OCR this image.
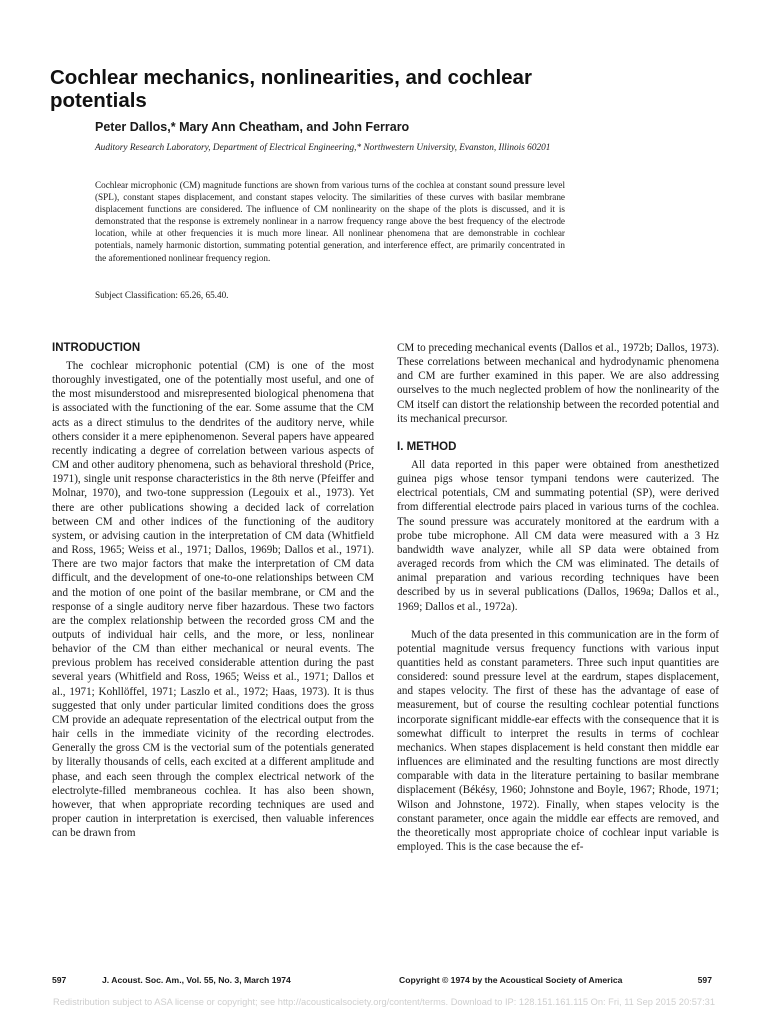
Cochlear mechanics, nonlinearities, and cochlear potentials

Peter Dallos,* Mary Ann Cheatham, and John Ferraro

Auditory Research Laboratory, Department of Electrical Engineering,* Northwestern University, Evanston, Illinois 60201

Cochlear microphonic (CM) magnitude functions are shown from various turns of the cochlea at constant sound pressure level (SPL), constant stapes displacement, and constant stapes velocity. The similarities of these curves with basilar membrane displacement functions are considered. The influence of CM nonlinearity on the shape of the plots is discussed, and it is demonstrated that the response is extremely nonlinear in a narrow frequency range above the best frequency of the electrode location, while at other frequencies it is much more linear. All nonlinear phenomena that are demonstrable in cochlear potentials, namely harmonic distortion, summating potential generation, and interference effect, are primarily concentrated in the aforementioned nonlinear frequency region.

Subject Classification: 65.26, 65.40.

INTRODUCTION

The cochlear microphonic potential (CM) is one of the most thoroughly investigated, one of the potentially most useful, and one of the most misunderstood and misrepresented biological phenomena that is associated with the functioning of the ear. Some assume that the CM acts as a direct stimulus to the dendrites of the auditory nerve, while others consider it a mere epiphenomenon. Several papers have appeared recently indicating a degree of correlation between various aspects of CM and other auditory phenomena, such as behavioral threshold (Price, 1971), single unit response characteristics in the 8th nerve (Pfeiffer and Molnar, 1970), and two-tone suppression (Legouix et al., 1973). Yet there are other publications showing a decided lack of correlation between CM and other indices of the functioning of the auditory system, or advising caution in the interpretation of CM data (Whitfield and Ross, 1965; Weiss et al., 1971; Dallos, 1969b; Dallos et al., 1971). There are two major factors that make the interpretation of CM data difficult, and the development of one-to-one relationships between CM and the motion of one point of the basilar membrane, or CM and the response of a single auditory nerve fiber hazardous. These two factors are the complex relationship between the recorded gross CM and the outputs of individual hair cells, and the more, or less, nonlinear behavior of the CM than either mechanical or neural events. The previous problem has received considerable attention during the past several years (Whitfield and Ross, 1965; Weiss et al., 1971; Dallos et al., 1971; Kohllöffel, 1971; Laszlo et al., 1972; Haas, 1973). It is thus suggested that only under particular limited conditions does the gross CM provide an adequate representation of the electrical output from the hair cells in the immediate vicinity of the recording electrodes. Generally the gross CM is the vectorial sum of the potentials generated by literally thousands of cells, each excited at a different amplitude and phase, and each seen through the complex electrical network of the electrolyte-filled membraneous cochlea. It has also been shown, however, that when appropriate recording techniques are used and proper caution in interpretation is exercised, then valuable inferences can be drawn from

CM to preceding mechanical events (Dallos et al., 1972b; Dallos, 1973). These correlations between mechanical and hydrodynamic phenomena and CM are further examined in this paper. We are also addressing ourselves to the much neglected problem of how the nonlinearity of the CM itself can distort the relationship between the recorded potential and its mechanical precursor.

I. METHOD

All data reported in this paper were obtained from anesthetized guinea pigs whose tensor tympani tendons were cauterized. The electrical potentials, CM and summating potential (SP), were derived from differential electrode pairs placed in various turns of the cochlea. The sound pressure was accurately monitored at the eardrum with a probe tube microphone. All CM data were measured with a 3 Hz bandwidth wave analyzer, while all SP data were obtained from averaged records from which the CM was eliminated. The details of animal preparation and various recording techniques have been described by us in several publications (Dallos, 1969a; Dallos et al., 1969; Dallos et al., 1972a).

Much of the data presented in this communication are in the form of potential magnitude versus frequency functions with various input quantities held as constant parameters. Three such input quantities are considered: sound pressure level at the eardrum, stapes displacement, and stapes velocity. The first of these has the advantage of ease of measurement, but of course the resulting cochlear potential functions incorporate significant middle-ear effects with the consequence that it is somewhat difficult to interpret the results in terms of cochlear mechanics. When stapes displacement is held constant then middle ear influences are eliminated and the resulting functions are most directly comparable with data in the literature pertaining to basilar membrane displacement (Békésy, 1960; Johnstone and Boyle, 1967; Rhode, 1971; Wilson and Johnstone, 1972). Finally, when stapes velocity is the constant parameter, once again the middle ear effects are removed, and the theoretically most appropriate choice of cochlear input variable is employed. This is the case because the ef-

597	J. Acoust. Soc. Am., Vol. 55, No. 3, March 1974	Copyright © 1974 by the Acoustical Society of America	597
Redistribution subject to ASA license or copyright; see http://acousticalsociety.org/content/terms. Download to IP: 128.151.161.115 On: Fri, 11 Sep 2015 20:57:31
